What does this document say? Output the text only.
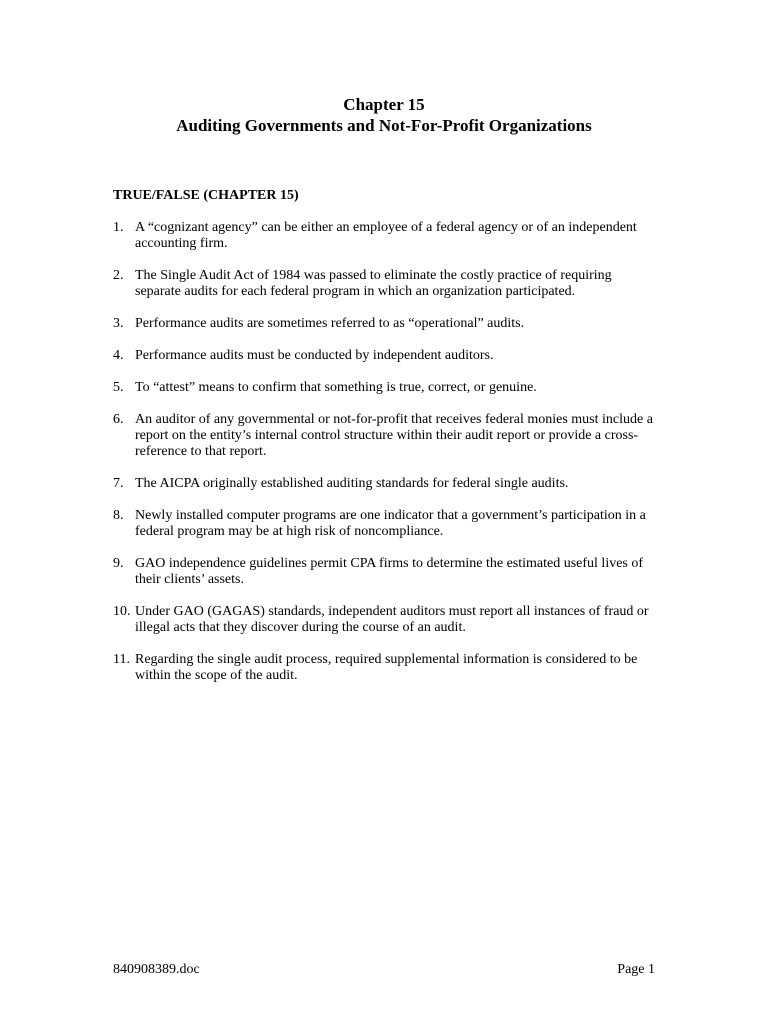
Chapter 15
Auditing Governments and Not-For-Profit Organizations
TRUE/FALSE (CHAPTER 15)
1. A “cognizant agency” can be either an employee of a federal agency or of an independent accounting firm.
2. The Single Audit Act of 1984 was passed to eliminate the costly practice of requiring separate audits for each federal program in which an organization participated.
3. Performance audits are sometimes referred to as “operational” audits.
4. Performance audits must be conducted by independent auditors.
5. To “attest” means to confirm that something is true, correct, or genuine.
6. An auditor of any governmental or not-for-profit that receives federal monies must include a report on the entity’s internal control structure within their audit report or provide a cross-reference to that report.
7. The AICPA originally established auditing standards for federal single audits.
8. Newly installed computer programs are one indicator that a government’s participation in a federal program may be at high risk of noncompliance.
9. GAO independence guidelines permit CPA firms to determine the estimated useful lives of their clients’ assets.
10. Under GAO (GAGAS) standards, independent auditors must report all instances of fraud or illegal acts that they discover during the course of an audit.
11. Regarding the single audit process, required supplemental information is considered to be within the scope of the audit.
840908389.doc	Page 1
